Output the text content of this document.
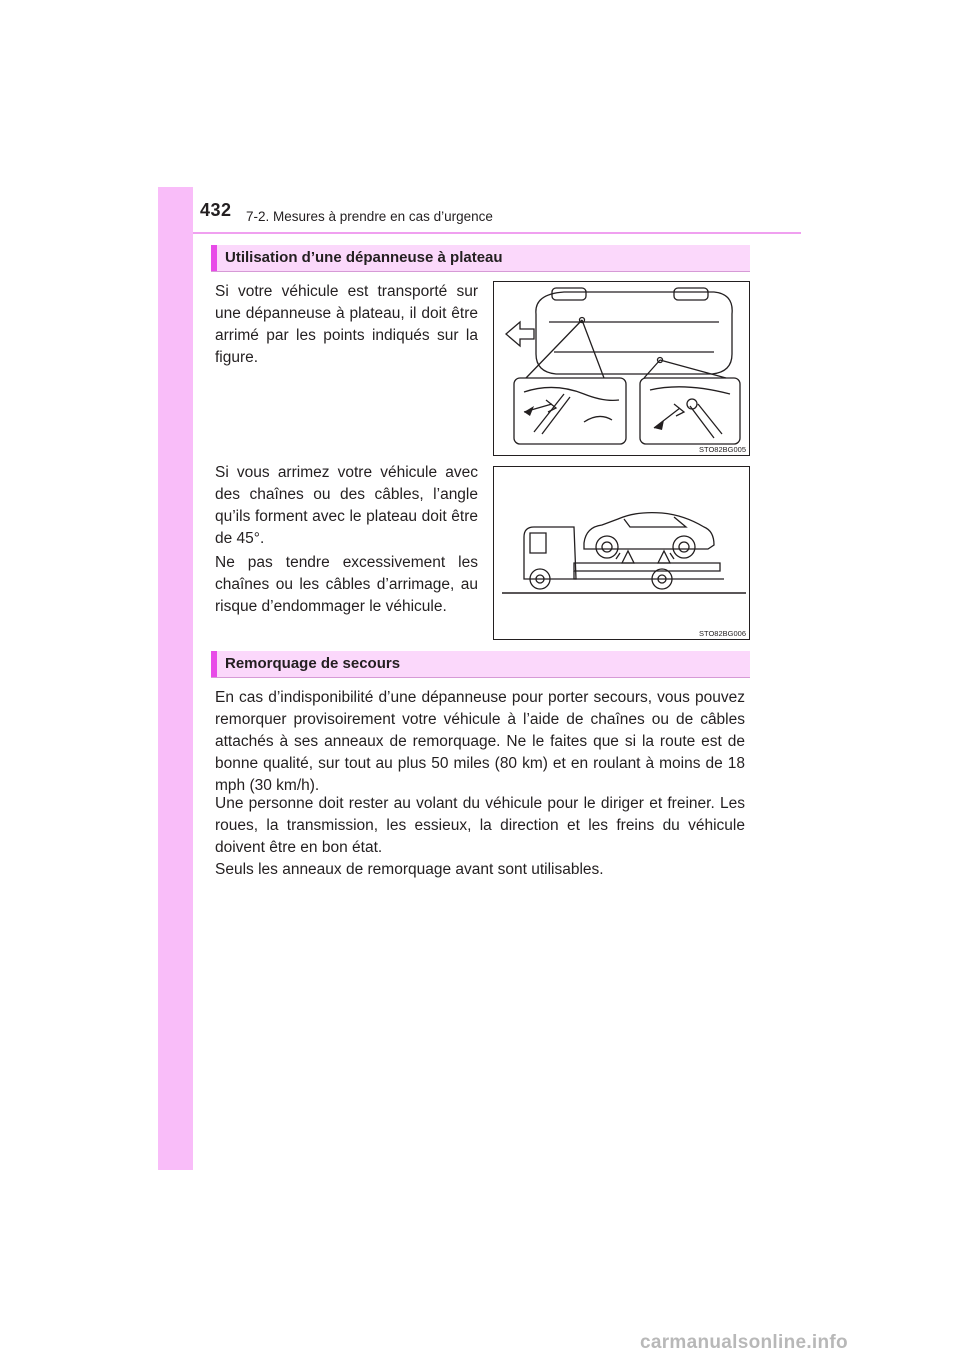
432 7-2. Mesures à prendre en cas d’urgence
Utilisation d’une dépanneuse à plateau

Si votre véhicule est transporté sur une dépanneuse à plateau, il doit être arrimé par les points indiqués sur la figure.

Si vous arrimez votre véhicule avec des chaînes ou des câbles, l’angle qu’ils forment avec le plateau doit être de 45°.

Ne pas tendre excessivement les chaînes ou les câbles d’arrimage, au risque d’endommager le véhicule.

STO82BG005
STO82BG006
Remorquage de secours

En cas d’indisponibilité d’une dépanneuse pour porter secours, vous pouvez remorquer provisoirement votre véhicule à l’aide de chaînes ou de câbles attachés à ses anneaux de remorquage. Ne le faites que si la route est de bonne qualité, sur tout au plus 50 miles (80 km) et en roulant à moins de 18 mph (30 km/h).

Une personne doit rester au volant du véhicule pour le diriger et freiner. Les roues, la transmission, les essieux, la direction et les freins du véhicule doivent être en bon état.

Seuls les anneaux de remorquage avant sont utilisables.

carmanualsonline.info
